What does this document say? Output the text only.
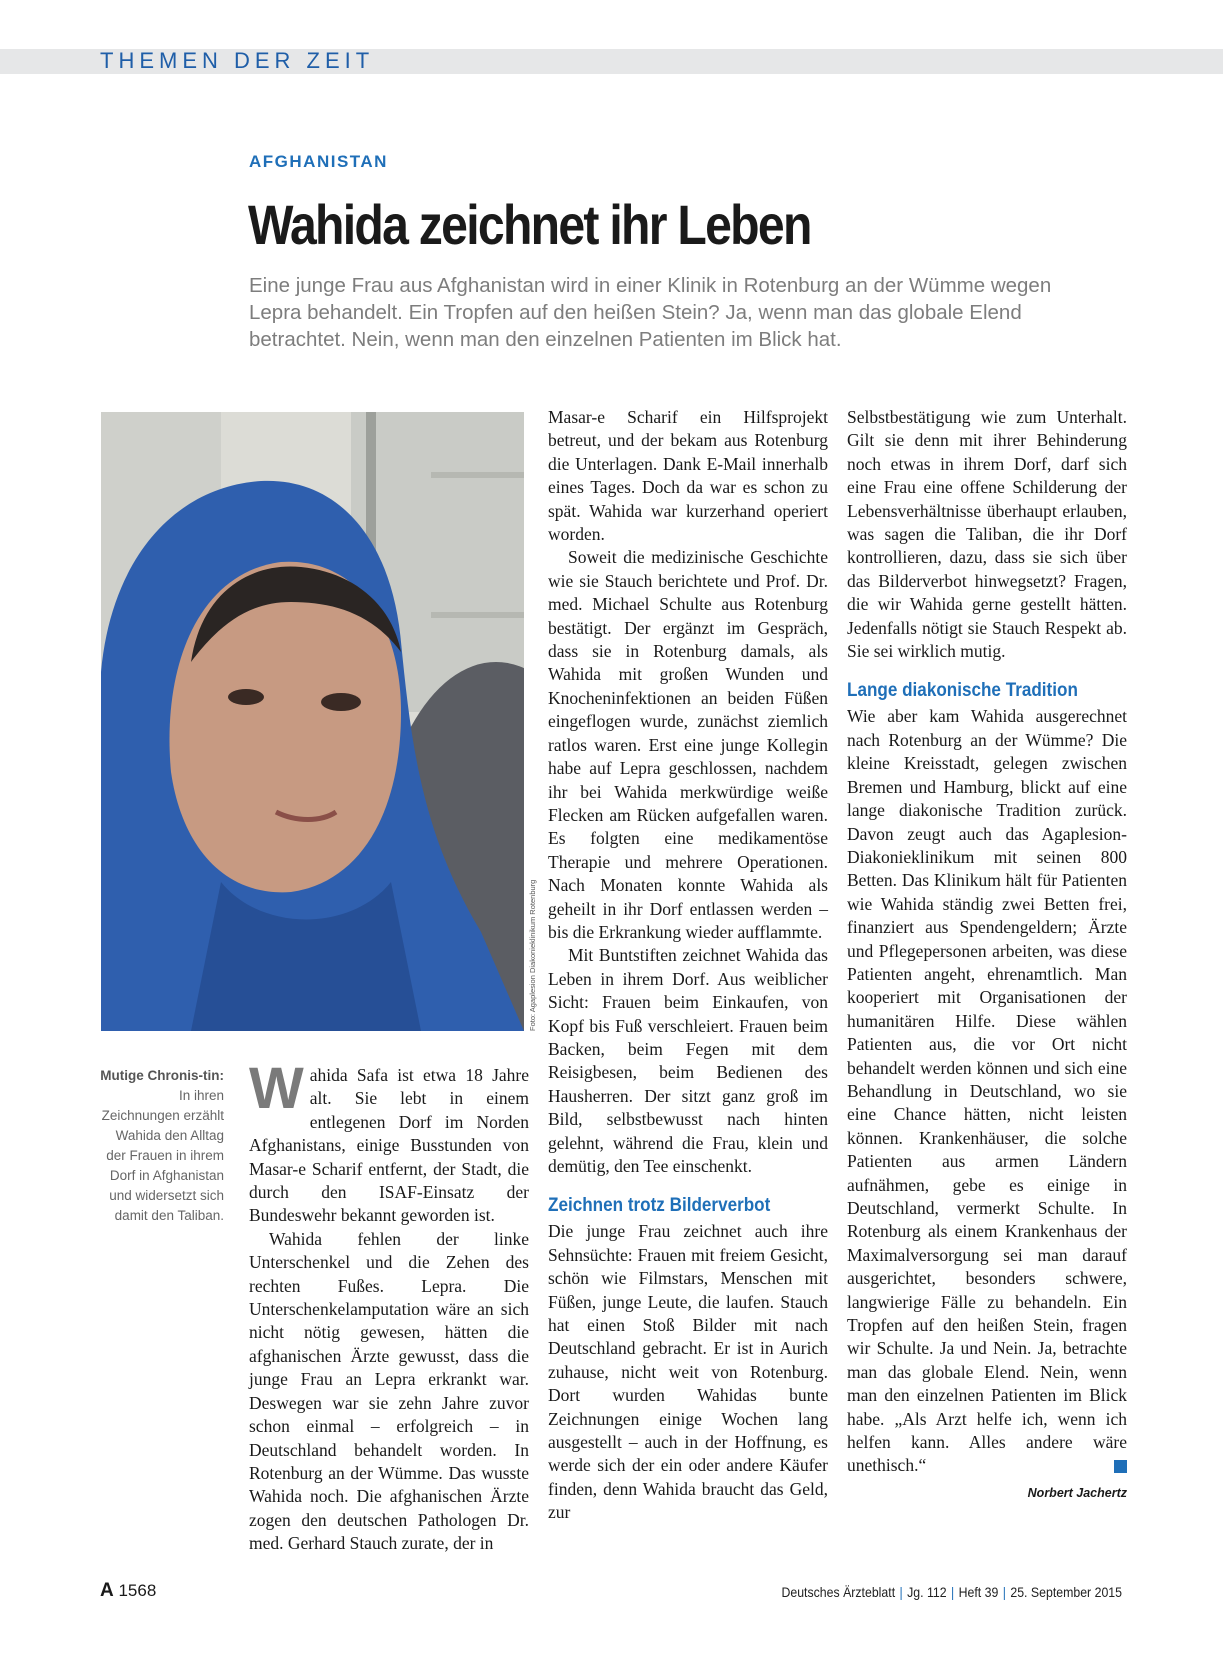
THEMEN DER ZEIT
AFGHANISTAN
Wahida zeichnet ihr Leben

Eine junge Frau aus Afghanistan wird in einer Klinik in Rotenburg an der Wümme wegen Lepra behandelt. Ein Tropfen auf den heißen Stein? Ja, wenn man das globale Elend betrachtet. Nein, wenn man den einzelnen Patienten im Blick hat.

Foto: Agaplesion Diakonieklinikum Rotenburg

Mutige Chronis-tin: In ihren Zeichnungen erzählt Wahida den Alltag der Frauen in ihrem Dorf in Afghanistan und widersetzt sich damit den Taliban.

Wahida Safa ist etwa 18 Jahre alt. Sie lebt in einem entlegenen Dorf im Norden Afghanistans, einige Busstunden von Masar-e Scharif entfernt, der Stadt, die durch den ISAF-Einsatz der Bundeswehr bekannt geworden ist.

Wahida fehlen der linke Unterschenkel und die Zehen des rechten Fußes. Lepra. Die Unterschenkelamputation wäre an sich nicht nötig gewesen, hätten die afghanischen Ärzte gewusst, dass die junge Frau an Lepra erkrankt war. Deswegen war sie zehn Jahre zuvor schon einmal – erfolgreich – in Deutschland behandelt worden. In Rotenburg an der Wümme. Das wusste Wahida noch. Die afghanischen Ärzte zogen den deutschen Pathologen Dr. med. Gerhard Stauch zurate, der in

Masar-e Scharif ein Hilfsprojekt betreut, und der bekam aus Rotenburg die Unterlagen. Dank E-Mail innerhalb eines Tages. Doch da war es schon zu spät. Wahida war kurzerhand operiert worden.

Soweit die medizinische Geschichte wie sie Stauch berichtete und Prof. Dr. med. Michael Schulte aus Rotenburg bestätigt. Der ergänzt im Gespräch, dass sie in Rotenburg damals, als Wahida mit großen Wunden und Knocheninfektionen an beiden Füßen eingeflogen wurde, zunächst ziemlich ratlos waren. Erst eine junge Kollegin habe auf Lepra geschlossen, nachdem ihr bei Wahida merkwürdige weiße Flecken am Rücken aufgefallen waren. Es folgten eine medikamentöse Therapie und mehrere Operationen. Nach Monaten konnte Wahida als geheilt in ihr Dorf entlassen werden – bis die Erkrankung wieder aufflammte.

Mit Buntstiften zeichnet Wahida das Leben in ihrem Dorf. Aus weiblicher Sicht: Frauen beim Einkaufen, von Kopf bis Fuß verschleiert. Frauen beim Backen, beim Fegen mit dem Reisigbesen, beim Bedienen des Hausherren. Der sitzt ganz groß im Bild, selbstbewusst nach hinten gelehnt, während die Frau, klein und demütig, den Tee einschenkt.

Zeichnen trotz Bilderverbot

Die junge Frau zeichnet auch ihre Sehnsüchte: Frauen mit freiem Gesicht, schön wie Filmstars, Menschen mit Füßen, junge Leute, die laufen. Stauch hat einen Stoß Bilder mit nach Deutschland gebracht. Er ist in Aurich zuhause, nicht weit von Rotenburg. Dort wurden Wahidas bunte Zeichnungen einige Wochen lang ausgestellt – auch in der Hoffnung, es werde sich der ein oder andere Käufer finden, denn Wahida braucht das Geld, zur

Selbstbestätigung wie zum Unterhalt. Gilt sie denn mit ihrer Behinderung noch etwas in ihrem Dorf, darf sich eine Frau eine offene Schilderung der Lebensverhältnisse überhaupt erlauben, was sagen die Taliban, die ihr Dorf kontrollieren, dazu, dass sie sich über das Bilderverbot hinwegsetzt? Fragen, die wir Wahida gerne gestellt hätten. Jedenfalls nötigt sie Stauch Respekt ab. Sie sei wirklich mutig.

Lange diakonische Tradition

Wie aber kam Wahida ausgerechnet nach Rotenburg an der Wümme? Die kleine Kreisstadt, gelegen zwischen Bremen und Hamburg, blickt auf eine lange diakonische Tradition zurück. Davon zeugt auch das Agaplesion-Diakonieklinikum mit seinen 800 Betten. Das Klinikum hält für Patienten wie Wahida ständig zwei Betten frei, finanziert aus Spendengeldern; Ärzte und Pflegepersonen arbeiten, was diese Patienten angeht, ehrenamtlich. Man kooperiert mit Organisationen der humanitären Hilfe. Diese wählen Patienten aus, die vor Ort nicht behandelt werden können und sich eine Behandlung in Deutschland, wo sie eine Chance hätten, nicht leisten können. Krankenhäuser, die solche Patienten aus armen Ländern aufnähmen, gebe es einige in Deutschland, vermerkt Schulte. In Rotenburg als einem Krankenhaus der Maximalversorgung sei man darauf ausgerichtet, besonders schwere, langwierige Fälle zu behandeln. Ein Tropfen auf den heißen Stein, fragen wir Schulte. Ja und Nein. Ja, betrachte man das globale Elend. Nein, wenn man den einzelnen Patienten im Blick habe. „Als Arzt helfe ich, wenn ich helfen kann. Alles andere wäre unethisch.“

Norbert Jachertz
A 1568	Deutsches Ärzteblatt | Jg. 112 | Heft 39 | 25. September 2015
